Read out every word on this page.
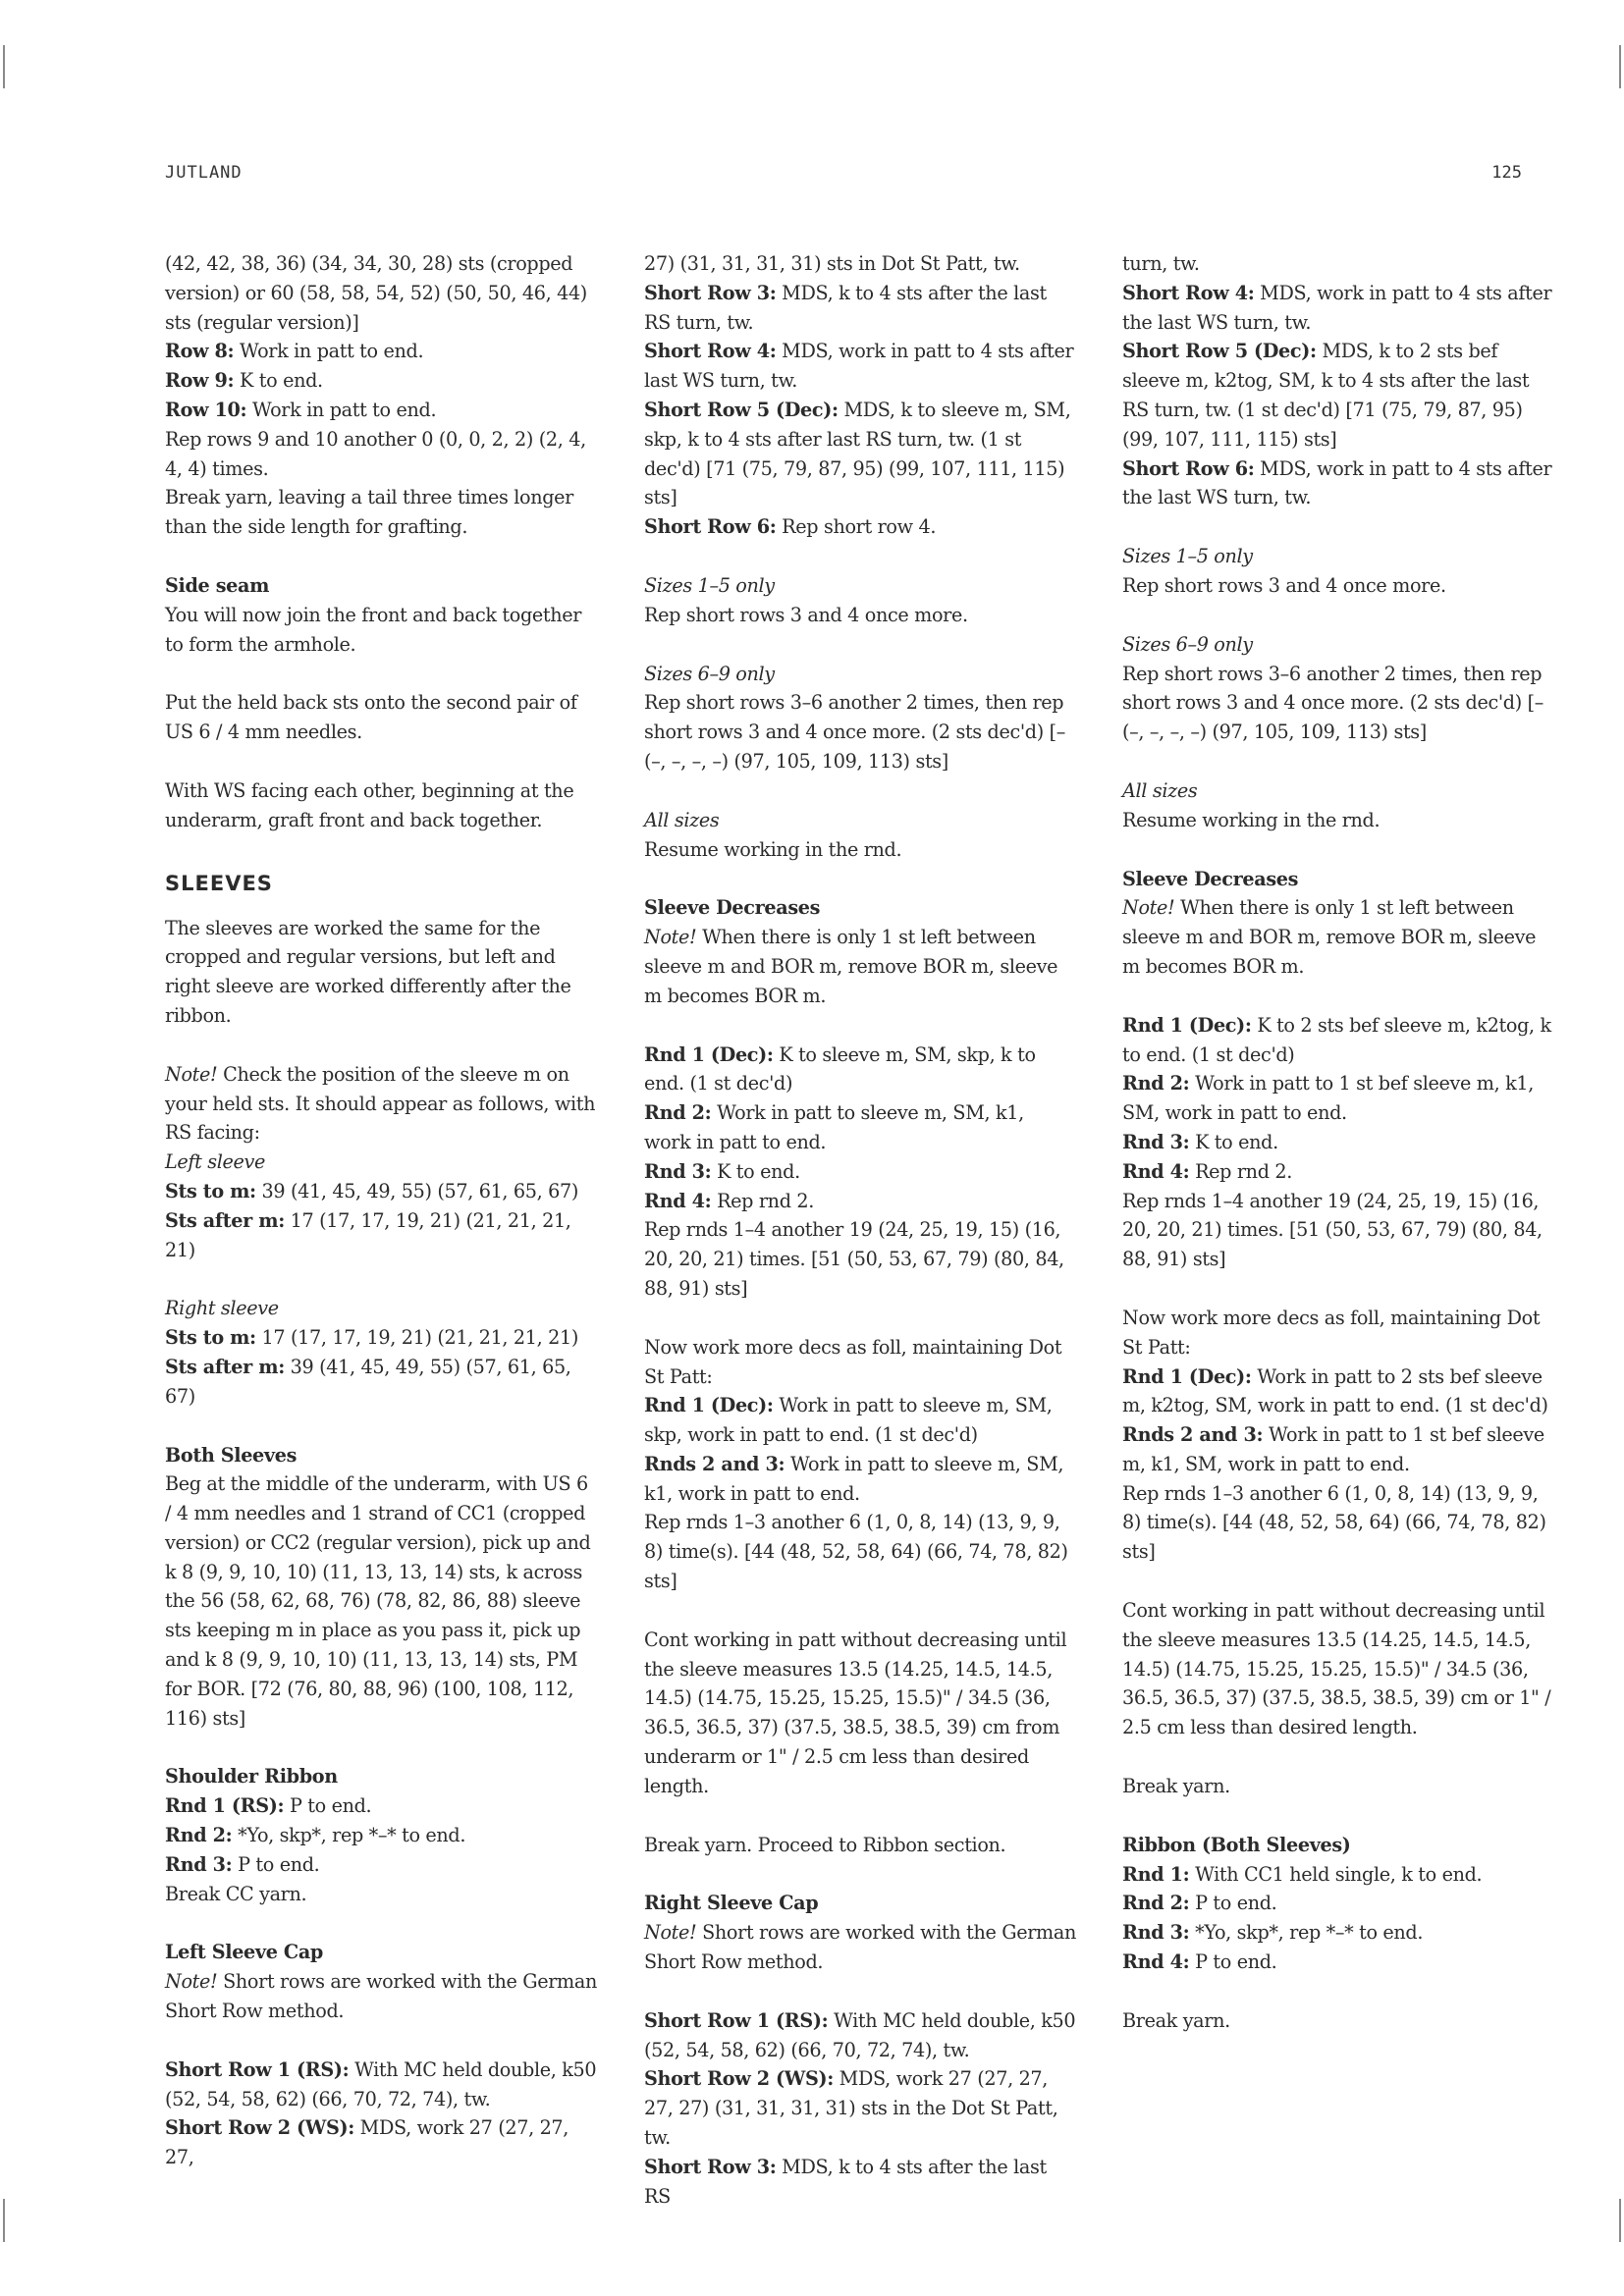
JUTLAND	125

(42, 42, 38, 36) (34, 34, 30, 28) sts (cropped version) or 60 (58, 58, 54, 52) (50, 50, 46, 44) sts (regular version)]

Row 8: Work in patt to end.

Row 9: K to end.

Row 10: Work in patt to end.

Rep rows 9 and 10 another 0 (0, 0, 2, 2) (2, 4, 4, 4) times.

Break yarn, leaving a tail three times longer than the side length for grafting.

Side seam

You will now join the front and back together to form the armhole.

Put the held back sts onto the second pair of US 6 / 4 mm needles.

With WS facing each other, beginning at the underarm, graft front and back together.

SLEEVES

The sleeves are worked the same for the cropped and regular versions, but left and right sleeve are worked differently after the ribbon.

Note! Check the position of the sleeve m on your held sts. It should appear as follows, with RS facing:

Left sleeve

Sts to m: 39 (41, 45, 49, 55) (57, 61, 65, 67)

Sts after m: 17 (17, 17, 19, 21) (21, 21, 21, 21)

Right sleeve

Sts to m: 17 (17, 17, 19, 21) (21, 21, 21, 21)

Sts after m: 39 (41, 45, 49, 55) (57, 61, 65, 67)

Both Sleeves

Beg at the middle of the underarm, with US 6 / 4 mm needles and 1 strand of CC1 (cropped version) or CC2 (regular version), pick up and k 8 (9, 9, 10, 10) (11, 13, 13, 14) sts, k across the 56 (58, 62, 68, 76) (78, 82, 86, 88) sleeve sts keeping m in place as you pass it, pick up and k 8 (9, 9, 10, 10) (11, 13, 13, 14) sts, PM for BOR. [72 (76, 80, 88, 96) (100, 108, 112, 116) sts]

Shoulder Ribbon

Rnd 1 (RS): P to end.

Rnd 2: *Yo, skp*, rep *–* to end.

Rnd 3: P to end.

Break CC yarn.

Left Sleeve Cap

Note! Short rows are worked with the German Short Row method.

Short Row 1 (RS): With MC held double, k50 (52, 54, 58, 62) (66, 70, 72, 74), tw.

Short Row 2 (WS): MDS, work 27 (27, 27, 27,

27) (31, 31, 31, 31) sts in Dot St Patt, tw.

Short Row 3: MDS, k to 4 sts after the last RS turn, tw.

Short Row 4: MDS, work in patt to 4 sts after last WS turn, tw.

Short Row 5 (Dec): MDS, k to sleeve m, SM, skp, k to 4 sts after last RS turn, tw. (1 st dec'd) [71 (75, 79, 87, 95) (99, 107, 111, 115) sts]

Short Row 6: Rep short row 4.

Sizes 1–5 only

Rep short rows 3 and 4 once more.

Sizes 6–9 only

Rep short rows 3–6 another 2 times, then rep short rows 3 and 4 once more. (2 sts dec'd) [– (–, –, –, –) (97, 105, 109, 113) sts]

All sizes

Resume working in the rnd.

Sleeve Decreases

Note! When there is only 1 st left between sleeve m and BOR m, remove BOR m, sleeve m becomes BOR m.

Rnd 1 (Dec): K to sleeve m, SM, skp, k to end. (1 st dec'd)

Rnd 2: Work in patt to sleeve m, SM, k1, work in patt to end.

Rnd 3: K to end.

Rnd 4: Rep rnd 2.

Rep rnds 1–4 another 19 (24, 25, 19, 15) (16, 20, 20, 21) times. [51 (50, 53, 67, 79) (80, 84, 88, 91) sts]

Now work more decs as foll, maintaining Dot St Patt:

Rnd 1 (Dec): Work in patt to sleeve m, SM, skp, work in patt to end. (1 st dec'd)

Rnds 2 and 3: Work in patt to sleeve m, SM, k1, work in patt to end.

Rep rnds 1–3 another 6 (1, 0, 8, 14) (13, 9, 9, 8) time(s). [44 (48, 52, 58, 64) (66, 74, 78, 82) sts]

Cont working in patt without decreasing until the sleeve measures 13.5 (14.25, 14.5, 14.5, 14.5) (14.75, 15.25, 15.25, 15.5)" / 34.5 (36, 36.5, 36.5, 37) (37.5, 38.5, 38.5, 39) cm from underarm or 1" / 2.5 cm less than desired length.

Break yarn. Proceed to Ribbon section.

Right Sleeve Cap

Note! Short rows are worked with the German Short Row method.

Short Row 1 (RS): With MC held double, k50 (52, 54, 58, 62) (66, 70, 72, 74), tw.

Short Row 2 (WS): MDS, work 27 (27, 27, 27, 27) (31, 31, 31, 31) sts in the Dot St Patt, tw.

Short Row 3: MDS, k to 4 sts after the last RS

turn, tw.

Short Row 4: MDS, work in patt to 4 sts after the last WS turn, tw.

Short Row 5 (Dec): MDS, k to 2 sts bef sleeve m, k2tog, SM, k to 4 sts after the last RS turn, tw. (1 st dec'd) [71 (75, 79, 87, 95) (99, 107, 111, 115) sts]

Short Row 6: MDS, work in patt to 4 sts after the last WS turn, tw.

Sizes 1–5 only

Rep short rows 3 and 4 once more.

Sizes 6–9 only

Rep short rows 3–6 another 2 times, then rep short rows 3 and 4 once more. (2 sts dec'd) [– (–, –, –, –) (97, 105, 109, 113) sts]

All sizes

Resume working in the rnd.

Sleeve Decreases

Note! When there is only 1 st left between sleeve m and BOR m, remove BOR m, sleeve m becomes BOR m.

Rnd 1 (Dec): K to 2 sts bef sleeve m, k2tog, k to end. (1 st dec'd)

Rnd 2: Work in patt to 1 st bef sleeve m, k1, SM, work in patt to end.

Rnd 3: K to end.

Rnd 4: Rep rnd 2.

Rep rnds 1–4 another 19 (24, 25, 19, 15) (16, 20, 20, 21) times. [51 (50, 53, 67, 79) (80, 84, 88, 91) sts]

Now work more decs as foll, maintaining Dot St Patt:

Rnd 1 (Dec): Work in patt to 2 sts bef sleeve m, k2tog, SM, work in patt to end. (1 st dec'd)

Rnds 2 and 3: Work in patt to 1 st bef sleeve m, k1, SM, work in patt to end.

Rep rnds 1–3 another 6 (1, 0, 8, 14) (13, 9, 9, 8) time(s). [44 (48, 52, 58, 64) (66, 74, 78, 82) sts]

Cont working in patt without decreasing until the sleeve measures 13.5 (14.25, 14.5, 14.5, 14.5) (14.75, 15.25, 15.25, 15.5)" / 34.5 (36, 36.5, 36.5, 37) (37.5, 38.5, 38.5, 39) cm or 1" / 2.5 cm less than desired length.

Break yarn.

Ribbon (Both Sleeves)

Rnd 1: With CC1 held single, k to end.

Rnd 2: P to end.

Rnd 3: *Yo, skp*, rep *–* to end.

Rnd 4: P to end.

Break yarn.
